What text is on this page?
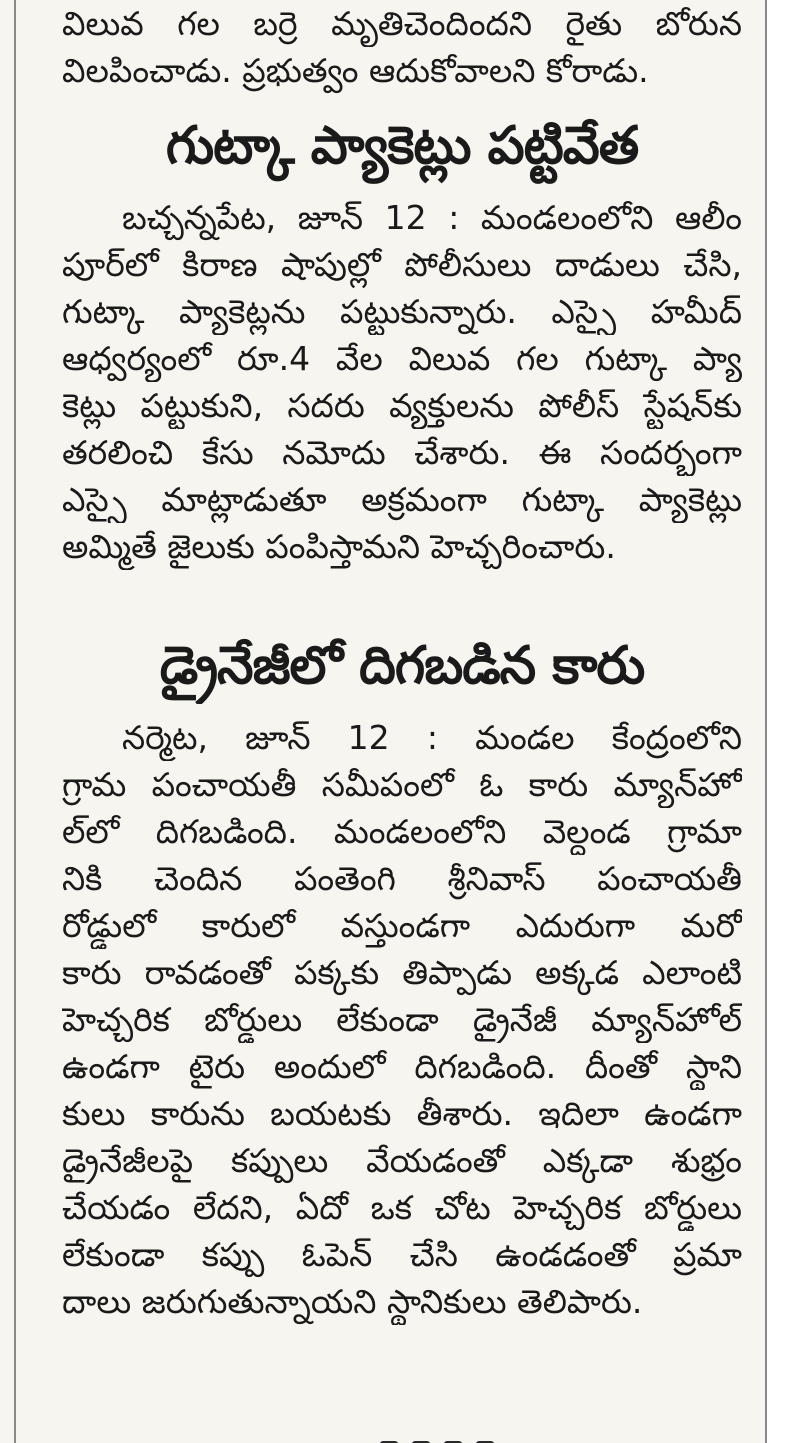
విలువ గల బర్రె మృతిచెందిందని రైతు బోరున
విలపించాడు. ప్రభుత్వం ఆదుకోవాలని కోరాడు.
గుట్కా ప్యాకెట్లు పట్టివేత
బచ్చన్నపేట, జూన్ 12 : మండలంలోని ఆలీం
పూర్‌లో కిరాణ షాపుల్లో పోలీసులు దాడులు చేసి,
గుట్కా ప్యాకెట్లను పట్టుకున్నారు. ఎస్సై హమీద్
ఆధ్వర్యంలో రూ.4 వేల విలువ గల గుట్కా ప్యా
కెట్లు పట్టుకుని, సదరు వ్యక్తులను పోలీస్ స్టేషన్‌కు
తరలించి కేసు నమోదు చేశారు. ఈ సందర్భంగా
ఎస్సై మాట్లాడుతూ అక్రమంగా గుట్కా ప్యాకెట్లు
అమ్మితే జైలుకు పంపిస్తామని హెచ్చరించారు.
డ్రైనేజీలో దిగబడిన కారు
నర్మెట, జూన్ 12 : మండల కేంద్రంలోని
గ్రామ పంచాయతీ సమీపంలో ఓ కారు మ్యాన్‌హో
ల్‌లో దిగబడింది. మండలంలోని వెల్దండ గ్రామా
నికి చెందిన పంతెంగి శ్రీనివాస్ పంచాయతీ
రోడ్డులో కారులో వస్తుండగా ఎదురుగా మరో
కారు రావడంతో పక్కకు తిప్పాడు అక్కడ ఎలాంటి
హెచ్చరిక బోర్డులు లేకుండా డ్రైనేజీ మ్యాన్‌హోల్
ఉండగా టైరు అందులో దిగబడింది. దీంతో స్థాని
కులు కారును బయటకు తీశారు. ఇదిలా ఉండగా
డ్రైనేజీలపై కప్పులు వేయడంతో ఎక్కడా శుభ్రం
చేయడం లేదని, ఏదో ఒక చోట హెచ్చరిక బోర్డులు
లేకుండా కప్పు ఓపెన్ చేసి ఉండడంతో ప్రమా
దాలు జరుగుతున్నాయని స్థానికులు తెలిపారు.
